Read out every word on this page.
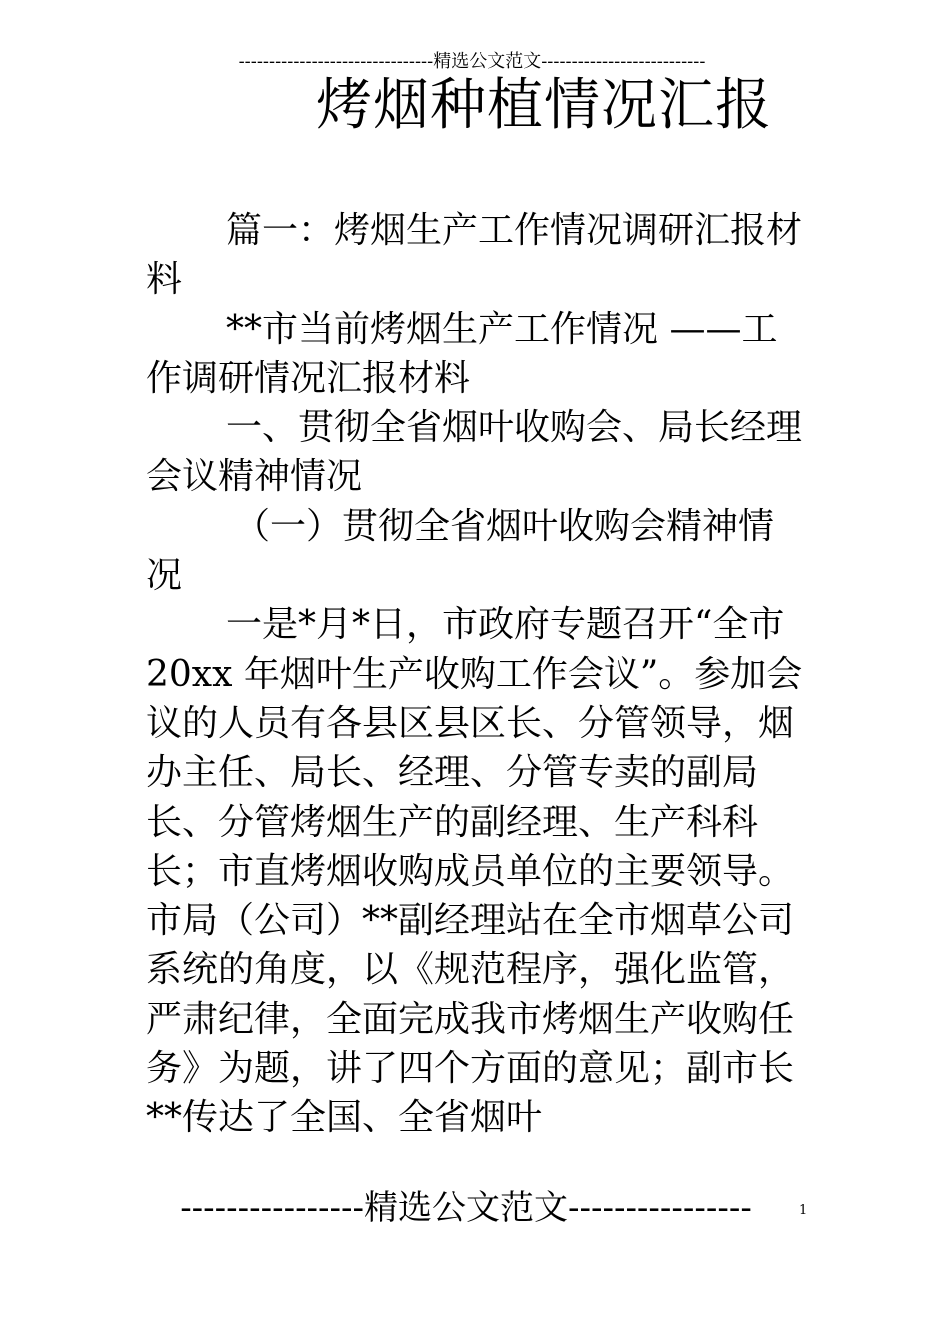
--------------------------------精选公文范文---------------------------
烤烟种植情况汇报

篇一：烤烟生产工作情况调研汇报材料

**市当前烤烟生产工作情况 ——工作调研情况汇报材料

一、贯彻全省烟叶收购会、局长经理会议精神情况

（一）贯彻全省烟叶收购会精神情况

一是*月*日，市政府专题召开“全市20xx 年烟叶生产收购工作会议”。参加会议的人员有各县区县区长、分管领导，烟办主任、局长、经理、分管专卖的副局长、分管烤烟生产的副经理、生产科科长；市直烤烟收购成员单位的主要领导。市局（公司）**副经理站在全市烟草公司系统的角度，以《规范程序，强化监管，严肃纪律，全面完成我市烤烟生产收购任务》为题，讲了四个方面的意见；副市长**传达了全国、全省烟叶

----------------精选公文范文----------------	1
